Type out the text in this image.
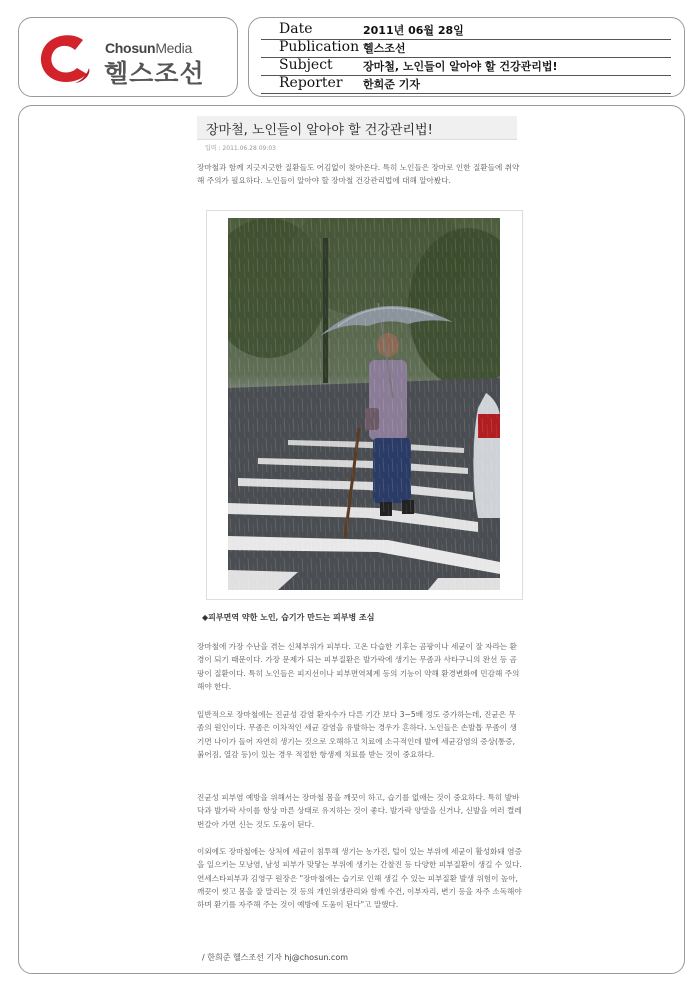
ChosunMedia
헬스조선
Date	2011년 06월 28일
Publication 헬스조선
Subject	장마철, 노인들이 알아야 할 건강관리법!
Reporter 한희준 기자
장마철, 노인들이 알아야 할 건강관리법!
입력 : 2011.06.28 09:03
장마철과 함께 지긋지긋한 질환들도 어김없이 찾아온다. 특히 노인들은 장마로 인한 질환들에 취약해 주의가 필요하다. 노인들이 알아야 할 장마철 건강관리법에 대해 알아봤다.
◆피부면역 약한 노인, 습기가 만드는 피부병 조심
장마철에 가장 수난을 겪는 신체부위가 피부다. 고온 다습한 기후는 곰팡이나 세균이 잘 자라는 환경이 되기 때문이다. 가장 문제가 되는 피부질환은 발가락에 생기는 무좀과 사타구니의 완선 등 곰팡이 질환이다. 특히 노인들은 피지선이나 피부면역체계 등의 기능이 약해 환경변화에 민감해 주의해야 한다.
일반적으로 장마철에는 진균성 감염 환자수가 다른 기간 보다 3~5배 정도 증가하는데, 진균은 무좀의 원인이다. 무좀은 이차적인 세균 감염을 유발하는 경우가 흔하다. 노인들은 손발톱 무좀이 생기면 나이가 들어 자연히 생기는 것으로 오해하고 치료에 소극적인데 발에 세균감염의 증상(통증, 붉어짐, 열감 등)이 있는 경우 적절한 항생제 치료를 받는 것이 중요하다.
진균성 피부염 예방을 위해서는 장마철 몸을 깨끗이 하고, 습기를 없애는 것이 중요하다. 특히 발바닥과 발가락 사이를 항상 마른 상태로 유지하는 것이 좋다. 발가락 양말을 신거나, 신발을 여러 켤레 번갈아 가면 신는 것도 도움이 된다.
이외에도 장마철에는 상처에 세균이 침투해 생기는 농가진, 털이 있는 부위에 세균이 활성화돼 염증을 일으키는 모낭염, 남성 피부가 맞닿는 부위에 생기는 간찰진 등 다양한 피부질환이 생길 수 있다. 연세스타피부과 김영구 원장은 "장마철에는 습기로 인해 생길 수 있는 피부질환 발생 위험이 높아, 깨끗이 씻고 몸을 잘 말리는 것 등의 개인위생관리와 함께 수건, 이부자리, 변기 등을 자주 소독해야 하며 환기를 자주해 주는 것이 예방에 도움이 된다"고 말했다.
/ 한희준 헬스조선 기자 hj@chosun.com
